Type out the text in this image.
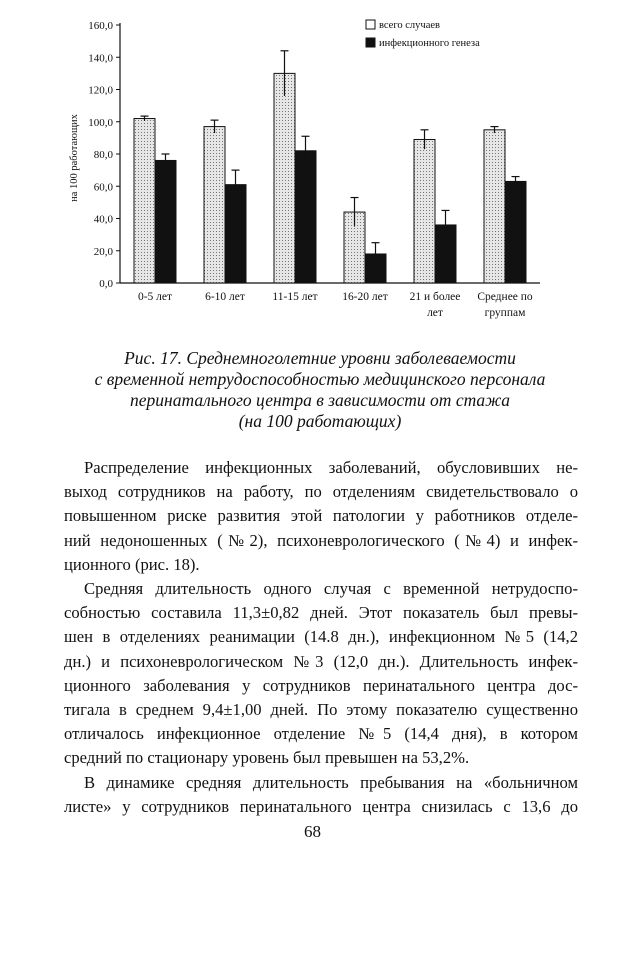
0,0
20,0
40,0
60,0
80,0
100,0
120,0
140,0
160,0
на 100 работающих
0-5 лет	6-10 лет 11-15 лет 16-20 лет 21 и более
лет
Среднее по
группам
всего случаев
инфекционного генеза

Рис. 17. Среднемноголетние уровни заболеваемости
с временной нетрудоспособностью медицинского персонала
перинатального центра в зависимости от стажа
(на 100 работающих)

Распределение инфекционных заболеваний, обусловивших не-
выход сотрудников на работу, по отделениям свидетельствовало о
повышенном риске развития этой патологии у работников отделе-
ний недоношенных (№2), психоневрологического (№4) и инфек-
ционного (рис. 18).
Средняя длительность одного случая с временной нетрудоспо-
собностью составила 11,3±0,82 дней. Этот показатель был превы-
шен в отделениях реанимации (14.8 дн.), инфекционном №5 (14,2
дн.) и психоневрологическом №3 (12,0 дн.). Длительность инфек-
ционного заболевания у сотрудников перинатального центра дос-
тигала в среднем 9,4±1,00 дней. По этому показателю существенно
отличалось инфекционное отделение №5 (14,4 дня), в котором
средний по стационару уровень был превышен на 53,2%.
В динамике средняя длительность пребывания на «больничном
листе» у сотрудников перинатального центра снизилась с 13,6 до
68
